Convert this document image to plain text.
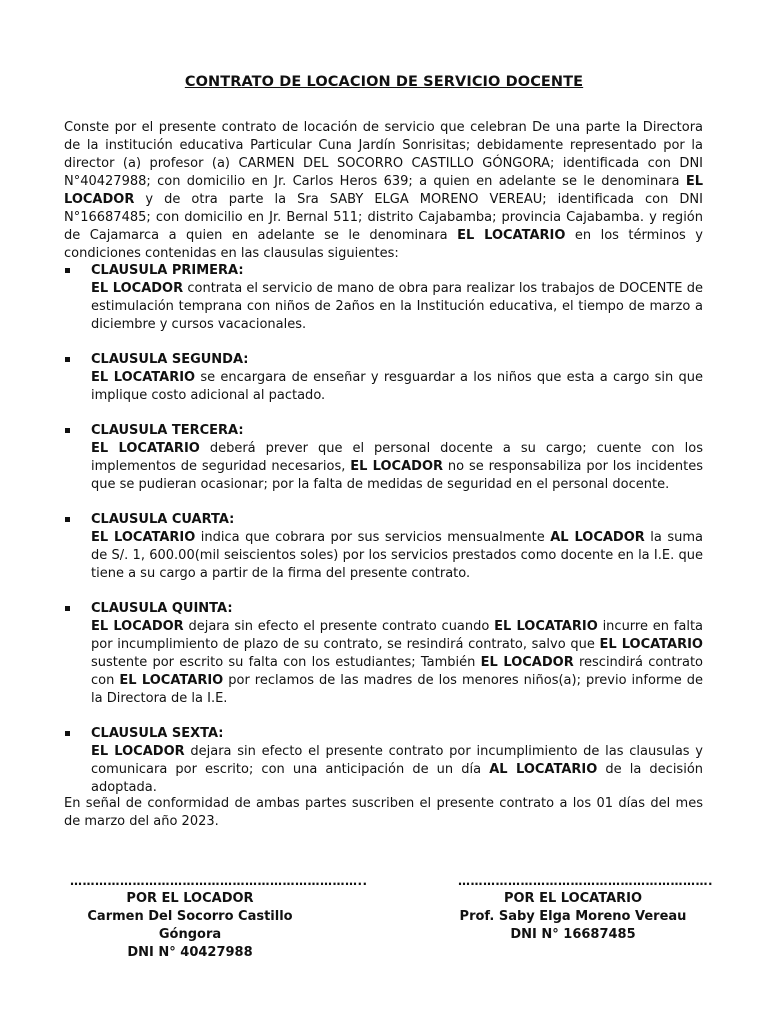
CONTRATO DE LOCACION DE SERVICIO DOCENTE

Conste por el presente contrato de locación de servicio que celebran De una parte la Directora de la institución educativa Particular Cuna Jardín Sonrisitas; debidamente representado por la director (a) profesor (a) CARMEN DEL SOCORRO CASTILLO GÓNGORA; identificada con DNI N°40427988; con domicilio en Jr. Carlos Heros 639; a quien en adelante se le denominara EL LOCADOR y de otra parte la Sra SABY ELGA MORENO VEREAU; identificada con DNI N°16687485; con domicilio en Jr. Bernal 511; distrito Cajabamba; provincia Cajabamba. y región de Cajamarca a quien en adelante se le denominara EL LOCATARIO en los términos y condiciones contenidas en las clausulas siguientes:

CLAUSULA PRIMERA:
EL LOCADOR contrata el servicio de mano de obra para realizar los trabajos de DOCENTE de estimulación temprana con niños de 2años en la Institución educativa, el tiempo de marzo a diciembre y cursos vacacionales.
CLAUSULA SEGUNDA:
EL LOCATARIO se encargara de enseñar y resguardar a los niños que esta a cargo sin que implique costo adicional al pactado.
CLAUSULA TERCERA:
EL LOCATARIO deberá prever que el personal docente a su cargo; cuente con los implementos de seguridad necesarios, EL LOCADOR no se responsabiliza por los incidentes que se pudieran ocasionar; por la falta de medidas de seguridad en el personal docente.
CLAUSULA CUARTA:
EL LOCATARIO indica que cobrara por sus servicios mensualmente AL LOCADOR la suma de S/. 1, 600.00(mil seiscientos soles) por los servicios prestados como docente en la I.E. que tiene a su cargo a partir de la firma del presente contrato.
CLAUSULA QUINTA:
EL LOCADOR dejara sin efecto el presente contrato cuando EL LOCATARIO incurre en falta por incumplimiento de plazo de su contrato, se resindirá contrato, salvo que EL LOCATARIO sustente por escrito su falta con los estudiantes; También EL LOCADOR rescindirá contrato con EL LOCATARIO por reclamos de las madres de los menores niños(a); previo informe de la Directora de la I.E.
CLAUSULA SEXTA:
EL LOCADOR dejara sin efecto el presente contrato por incumplimiento de las clausulas y comunicara por escrito; con una anticipación de un día AL LOCATARIO de la decisión adoptada.

En señal de conformidad de ambas partes suscriben el presente contrato a los 01 días del mes de marzo del año 2023.

……………………………………………………………..
POR EL LOCADOR
Carmen Del Socorro Castillo Góngora
DNI N° 40427988
…………………………………………………….
POR EL LOCATARIO
Prof. Saby Elga Moreno Vereau
DNI N° 16687485
